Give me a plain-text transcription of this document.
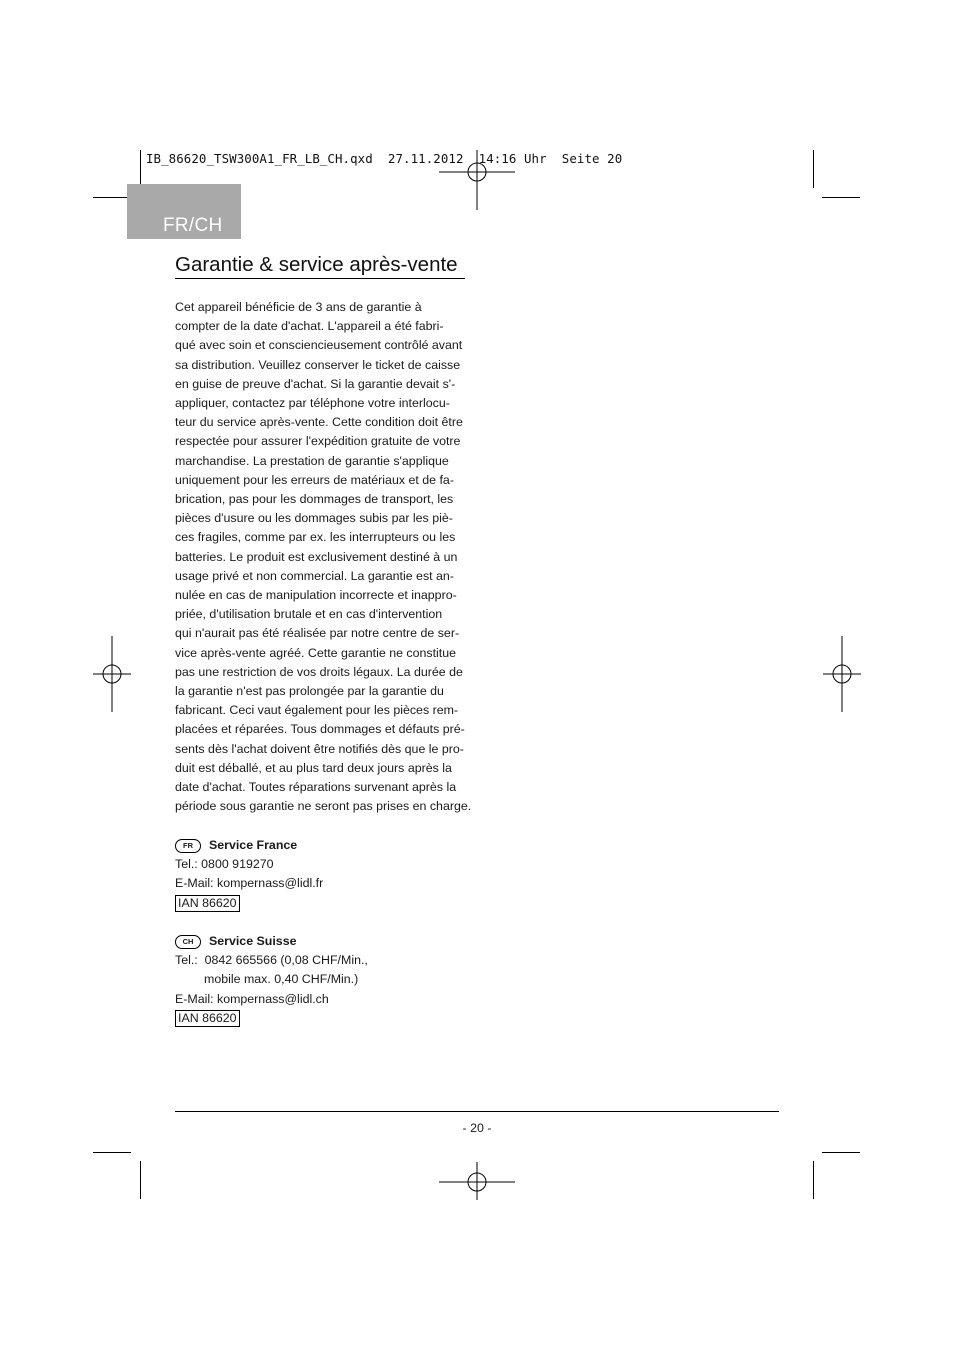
IB_86620_TSW300A1_FR_LB_CH.qxd  27.11.2012  14:16 Uhr  Seite 20
FR/CH
Garantie & service après-vente
Cet appareil bénéficie de 3 ans de garantie à
compter de la date d'achat. L'appareil a été fabri-
qué avec soin et consciencieusement contrôlé avant
sa distribution. Veuillez conserver le ticket de caisse
en guise de preuve d'achat. Si la garantie devait s'-
appliquer, contactez par téléphone votre interlocu-
teur du service après-vente. Cette condition doit être
respectée pour assurer l'expédition gratuite de votre
marchandise. La prestation de garantie s'applique
uniquement pour les erreurs de matériaux et de fa-
brication, pas pour les dommages de transport, les
pièces d'usure ou les dommages subis par les piè-
ces fragiles, comme par ex. les interrupteurs ou les
batteries. Le produit est exclusivement destiné à un
usage privé et non commercial. La garantie est an-
nulée en cas de manipulation incorrecte et inappro-
priée, d'utilisation brutale et en cas d'intervention
qui n'aurait pas été réalisée par notre centre de ser-
vice après-vente agréé. Cette garantie ne constitue
pas une restriction de vos droits légaux. La durée de
la garantie n'est pas prolongée par la garantie du
fabricant. Ceci vaut également pour les pièces rem-
placées et réparées. Tous dommages et défauts pré-
sents dès l'achat doivent être notifiés dès que le pro-
duit est déballé, et au plus tard deux jours après la
date d'achat. Toutes réparations survenant après la
période sous garantie ne seront pas prises en charge.
FR Service France
Tel.: 0800 919270
E-Mail: kompernass@lidl.fr
IAN 86620
CH Service Suisse
Tel.:  0842 665566 (0,08 CHF/Min.,
mobile max. 0,40 CHF/Min.)
E-Mail: kompernass@lidl.ch
IAN 86620
- 20 -
